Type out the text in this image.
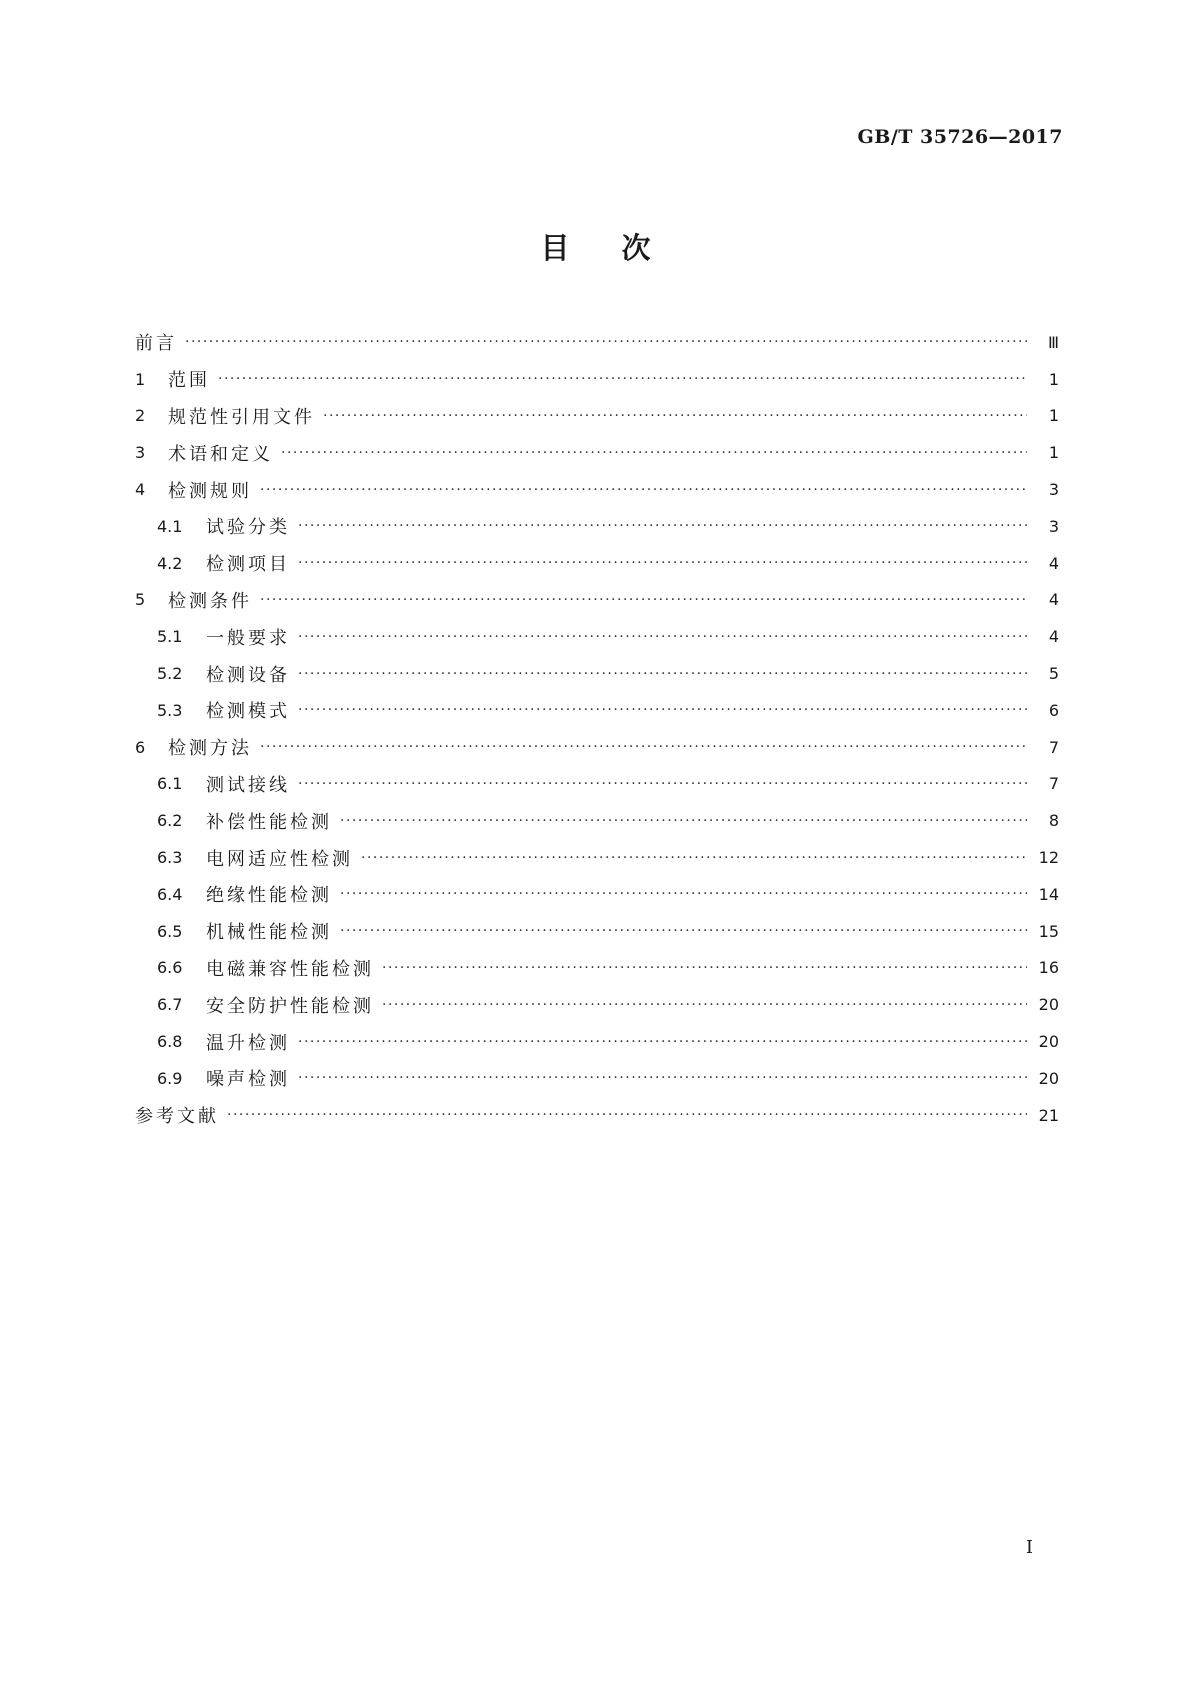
GB/T 35726—2017
目次
前言 ·····	Ⅲ
1	范围 ·····	1
2	规范性引用文件 ·····	1
3	术语和定义 ·····	1
4	检测规则 ·····	3
4.1	试验分类 ·····	3
4.2	检测项目 ·····	4
5	检测条件 ·····	4
5.1	一般要求 ·····	4
5.2	检测设备 ·····	5
5.3	检测模式 ·····	6
6	检测方法 ·····	7
6.1	测试接线 ·····	7
6.2	补偿性能检测 ·····	8
6.3	电网适应性检测 ·····	12
6.4	绝缘性能检测 ·····	14
6.5	机械性能检测 ·····	15
6.6	电磁兼容性能检测 ·····	16
6.7	安全防护性能检测 ·····	20
6.8	温升检测 ·····	20
6.9	噪声检测 ·····	20
参考文献 ·····	21
I
